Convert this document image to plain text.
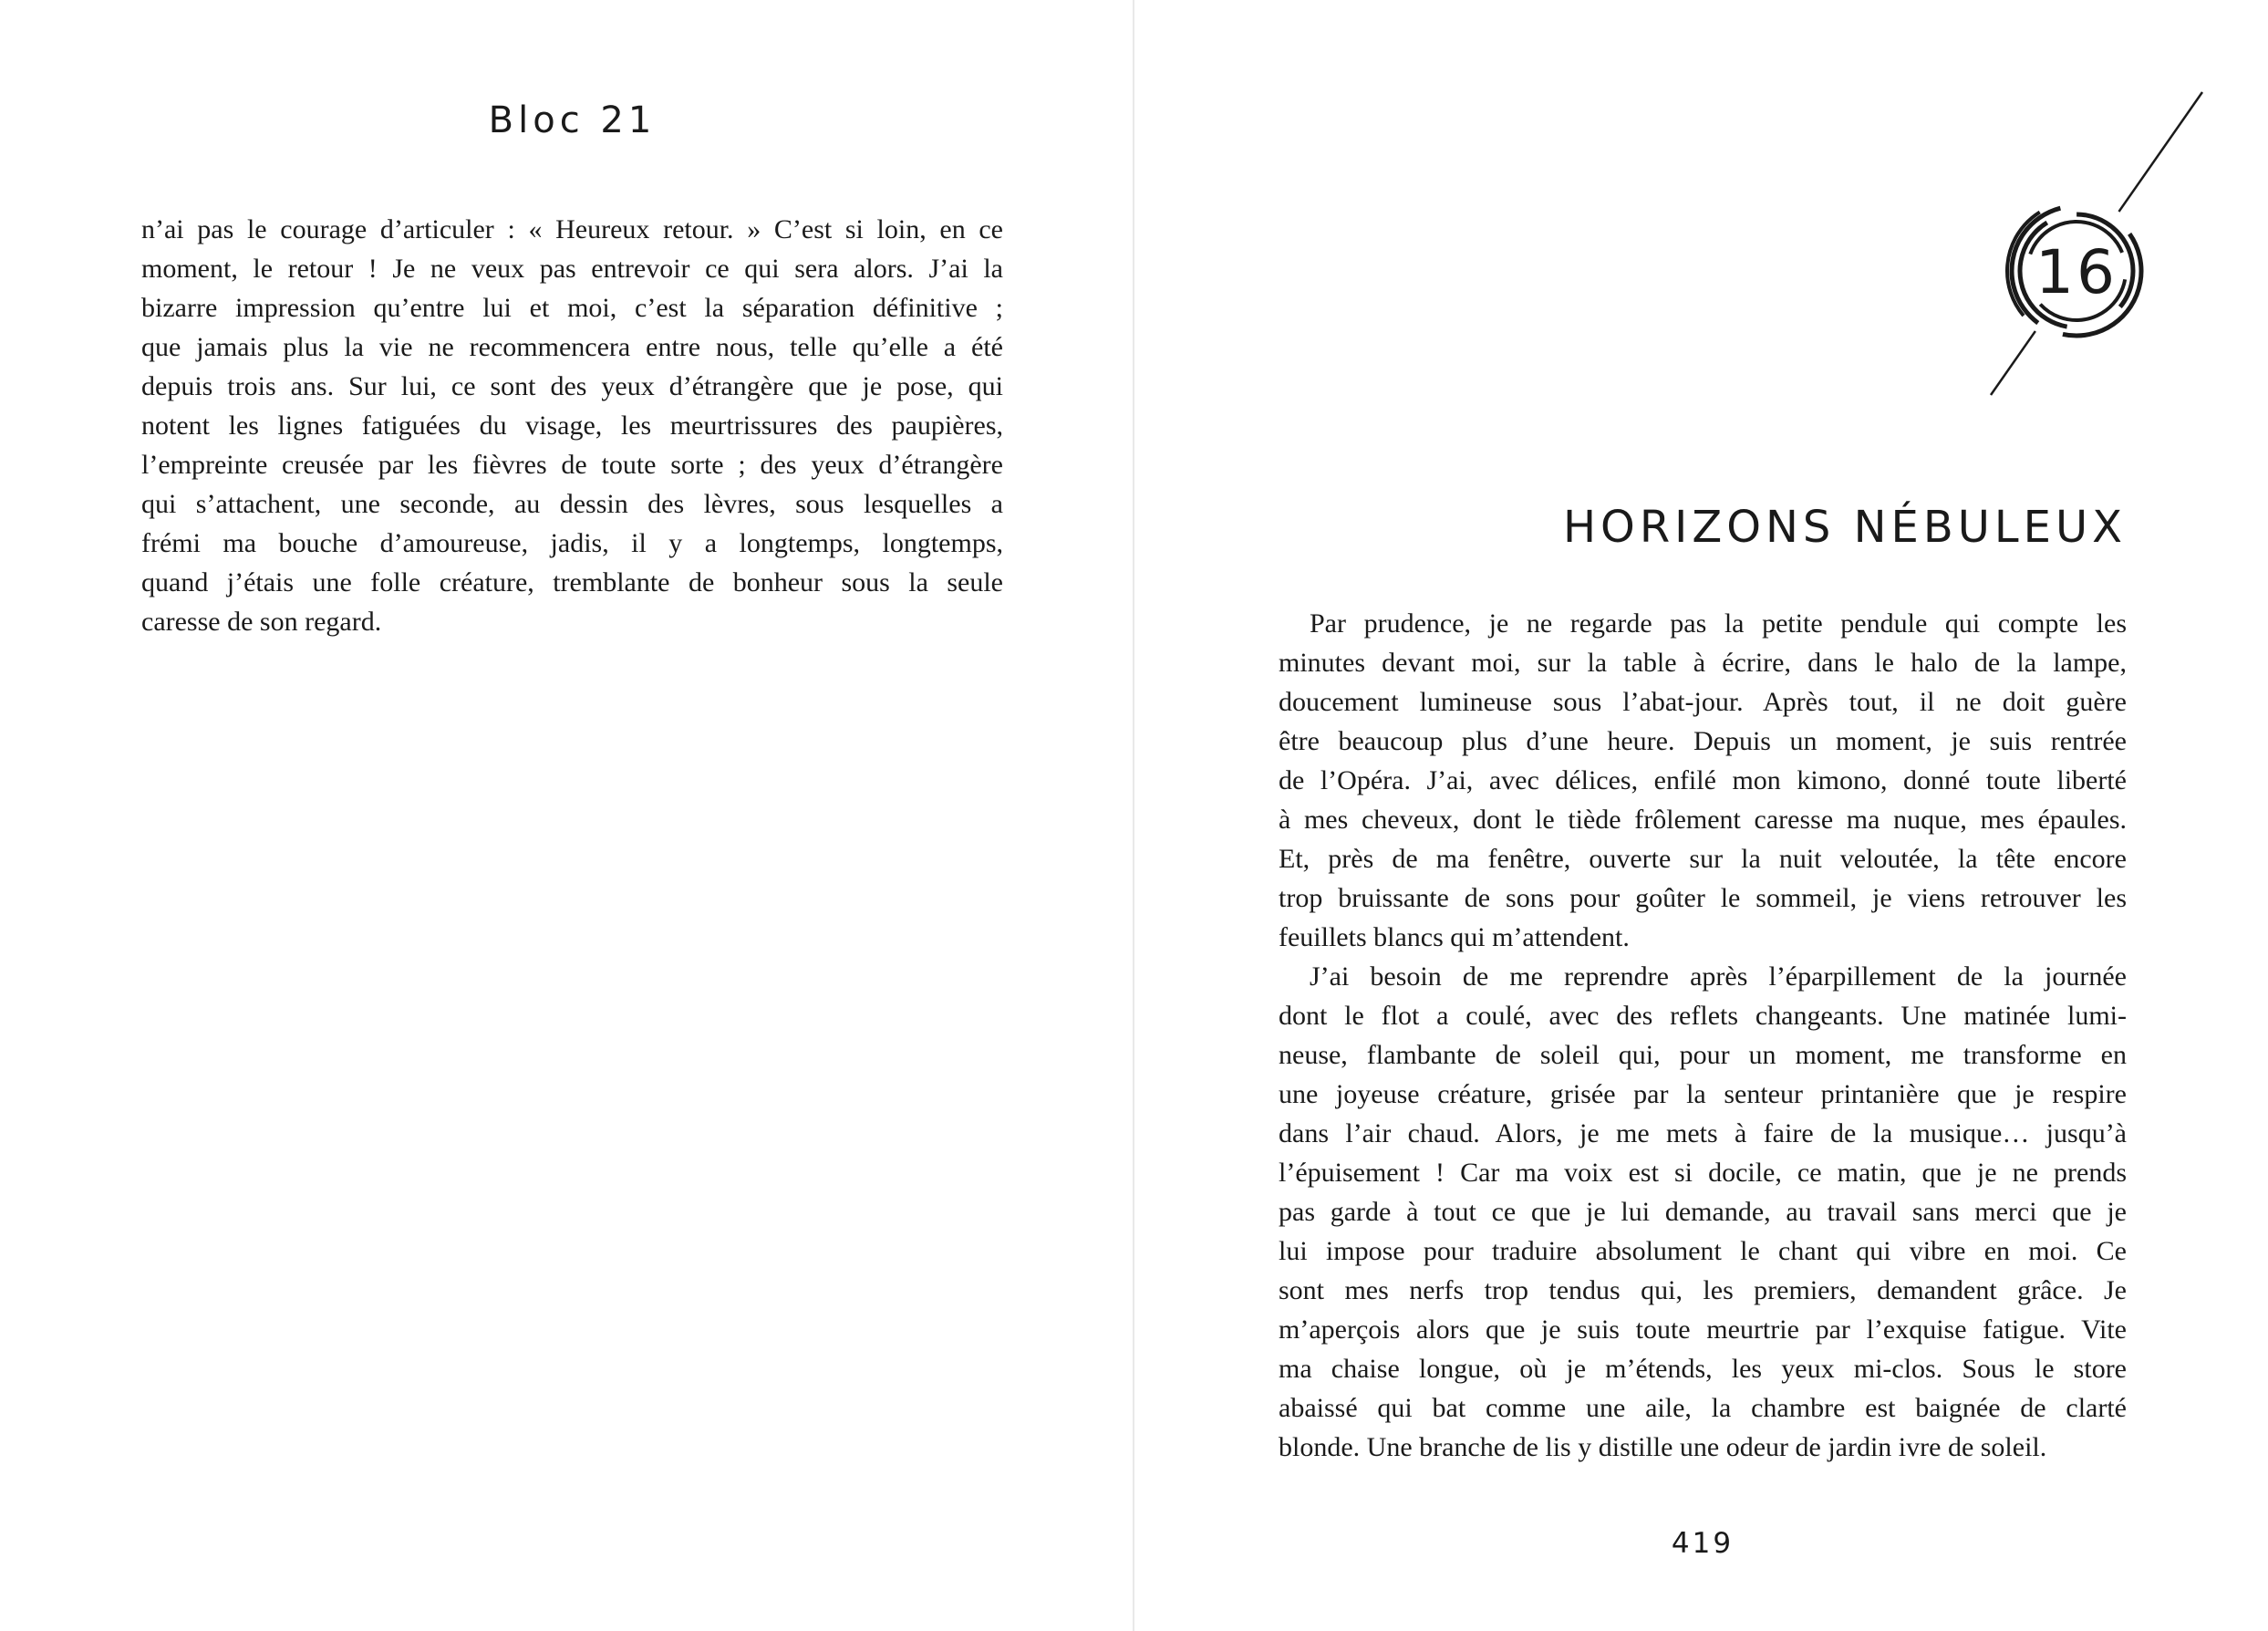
Bloc 21
n’ai pas le courage d’articuler : « Heureux retour. » C’est si loin, en ce
moment, le retour ! Je ne veux pas entrevoir ce qui sera alors. J’ai la
bizarre impression qu’entre lui et moi, c’est la séparation définitive ;
que jamais plus la vie ne recommencera entre nous, telle qu’elle a été
depuis trois ans. Sur lui, ce sont des yeux d’étrangère que je pose, qui
notent les lignes fatiguées du visage, les meurtrissures des paupières,
l’empreinte creusée par les fièvres de toute sorte ; des yeux d’étrangère
qui s’attachent, une seconde, au dessin des lèvres, sous lesquelles a
frémi ma bouche d’amoureuse, jadis, il y a longtemps, longtemps,
quand j’étais une folle créature, tremblante de bonheur sous la seule
caresse de son regard.
16
HORIZONS NÉBULEUX
Par prudence, je ne regarde pas la petite pendule qui compte les
minutes devant moi, sur la table à écrire, dans le halo de la lampe,
doucement lumineuse sous l’abat-jour. Après tout, il ne doit guère
être beaucoup plus d’une heure. Depuis un moment, je suis rentrée
de l’Opéra. J’ai, avec délices, enfilé mon kimono, donné toute liberté
à mes cheveux, dont le tiède frôlement caresse ma nuque, mes épaules.
Et, près de ma fenêtre, ouverte sur la nuit veloutée, la tête encore
trop bruissante de sons pour goûter le sommeil, je viens retrouver les
feuillets blancs qui m’attendent.
J’ai besoin de me reprendre après l’éparpillement de la journée
dont le flot a coulé, avec des reflets changeants. Une matinée lumi-
neuse, flambante de soleil qui, pour un moment, me transforme en
une joyeuse créature, grisée par la senteur printanière que je respire
dans l’air chaud. Alors, je me mets à faire de la musique… jusqu’à
l’épuisement ! Car ma voix est si docile, ce matin, que je ne prends
pas garde à tout ce que je lui demande, au travail sans merci que je
lui impose pour traduire absolument le chant qui vibre en moi. Ce
sont mes nerfs trop tendus qui, les premiers, demandent grâce. Je
m’aperçois alors que je suis toute meurtrie par l’exquise fatigue. Vite
ma chaise longue, où je m’étends, les yeux mi-clos. Sous le store
abaissé qui bat comme une aile, la chambre est baignée de clarté
blonde. Une branche de lis y distille une odeur de jardin ivre de soleil.
419
